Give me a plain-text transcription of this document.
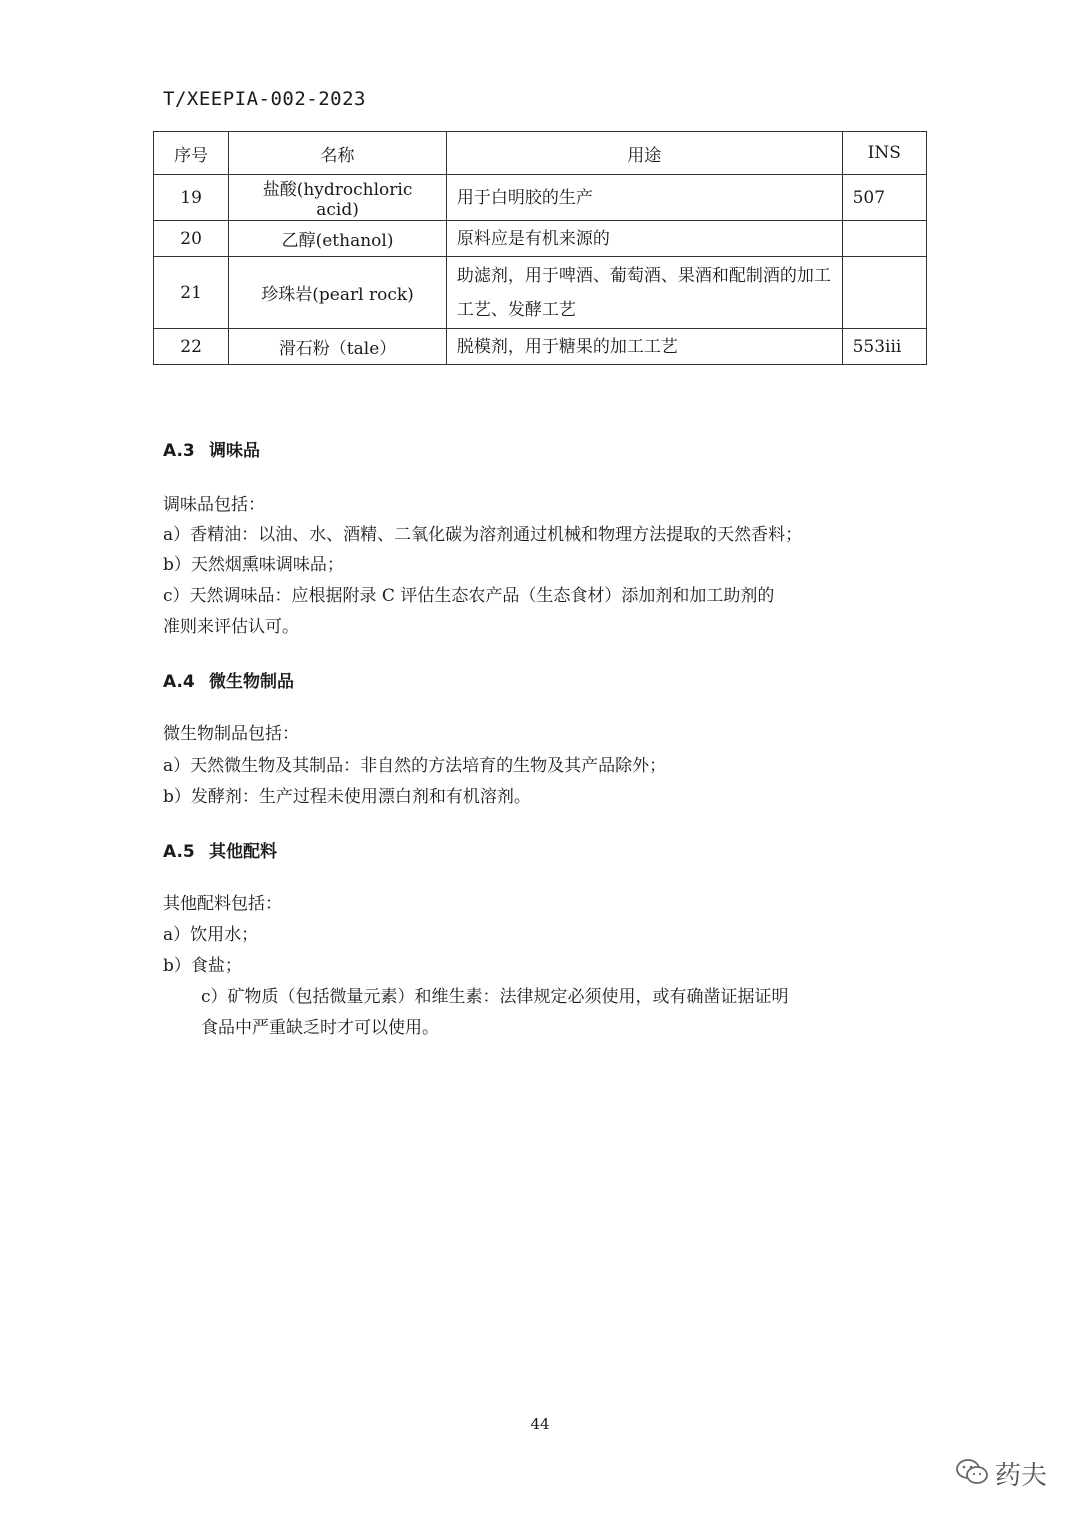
T/XEEPIA-002-2023
序号	名称	用途	INS
19	盐酸(hydrochloric acid)	用于白明胶的生产	507
20	乙醇(ethanol)	原料应是有机来源的	
21	珍珠岩(pearl rock)	助滤剂，用于啤酒、葡萄酒、果酒和配制酒的加工工艺、发酵工艺	
22	滑石粉（tale）	脱模剂，用于糖果的加工工艺	553iii
A.3 调味品

调味品包括：

a）香精油：以油、水、酒精、二氧化碳为溶剂通过机械和物理方法提取的天然香料；

b）天然烟熏味调味品；

c）天然调味品：应根据附录 C 评估生态农产品（生态食材）添加剂和加工助剂的

准则来评估认可。

A.4 微生物制品

微生物制品包括：

a）天然微生物及其制品：非自然的方法培育的生物及其产品除外；

b）发酵剂：生产过程未使用漂白剂和有机溶剂。

A.5 其他配料

其他配料包括：

a）饮用水；

b）食盐；

c）矿物质（包括微量元素）和维生素：法律规定必须使用，或有确凿证据证明

食品中严重缺乏时才可以使用。

44
药夫
